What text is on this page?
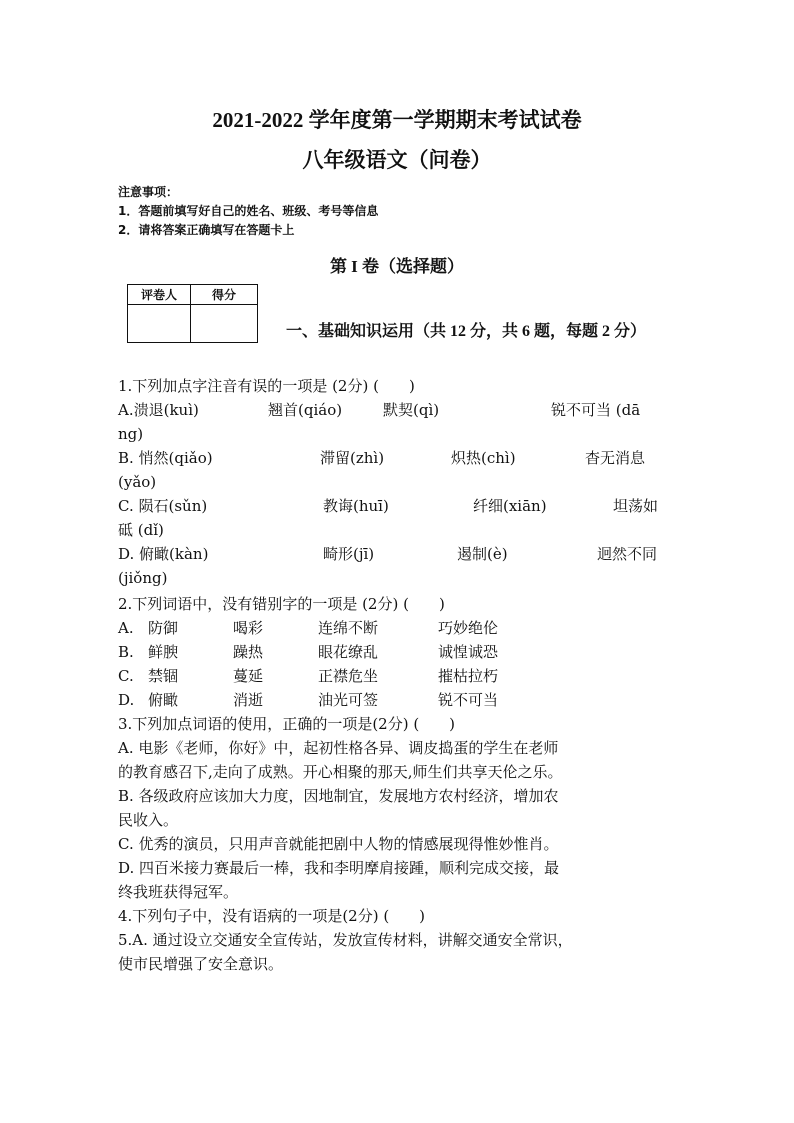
2021-2022 学年度第一学期期末考试试卷
八年级语文（问卷）
注意事项：
1．答题前填写好自己的姓名、班级、考号等信息
2．请将答案正确填写在答题卡上
第 I 卷（选择题）
评卷人	得分

一、基础知识运用（共 12 分，共 6 题，每题 2 分）
1.下列加点字注音有误的一项是 (2分) (　　)
A.溃退(kuì)	翘首(qiáo)	默契(qì)	锐不可当 (dā
ng)
B. 悄然(qiǎo)	滞留(zhì)	炽热(chì)	杳无消息
(yǎo)
C. 陨石(sǔn)	教诲(huī)	纤细(xiān)	坦荡如
砥 (dǐ)
D. 俯瞰(kàn)	畸形(jī)	遏制(è)	迥然不同
(jiǒng)
2.下列词语中，没有错别字的一项是 (2分) (　　)
A. 防御	喝彩	连绵不断	巧妙绝伦
B. 鲜腴	躁热	眼花缭乱	诚惶诚恐
C. 禁锢	蔓延	正襟危坐	摧枯拉朽
D. 俯瞰	消逝	油光可签	锐不可当
3.下列加点词语的使用，正确的一项是(2分) (　　)
A. 电影《老师，你好》中，起初性格各异、调皮捣蛋的学生在老师
的教育感召下,走向了成熟。开心相聚的那天,师生们共享天伦之乐。
B. 各级政府应该加大力度，因地制宜，发展地方农村经济，增加农
民收入。
C. 优秀的演员，只用声音就能把剧中人物的情感展现得惟妙惟肖。
D. 四百米接力赛最后一棒，我和李明摩肩接踵，顺利完成交接，最
终我班获得冠军。
4.下列句子中，没有语病的一项是(2分) (　　)
5.A. 通过设立交通安全宣传站，发放宣传材料，讲解交通安全常识，
使市民增强了安全意识。
